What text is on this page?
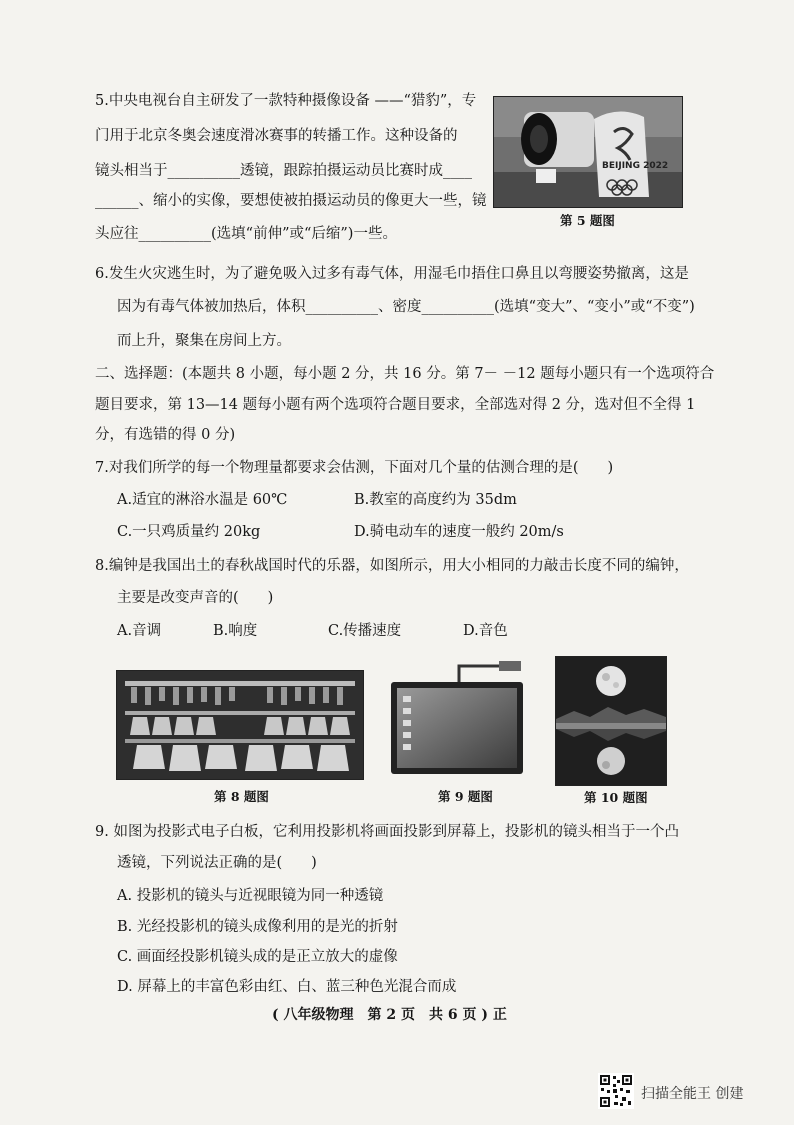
5.中央电视台自主研发了一款特种摄像设备 ——“猎豹”，专
门用于北京冬奥会速度滑冰赛事的转播工作。这种设备的
镜头相当于__________透镜，跟踪拍摄运动员比赛时成____
______、缩小的实像，要想使被拍摄运动员的像更大一些，镜
头应往__________(选填“前伸”或“后缩”)一些。
BEIJING 2022
第 5 题图
6.发生火灾逃生时，为了避免吸入过多有毒气体，用湿毛巾捂住口鼻且以弯腰姿势撤离，这是
因为有毒气体被加热后，体积__________、密度__________(选填“变大”、“变小”或“不变”)
而上升，聚集在房间上方。
二、选择题：(本题共 8 小题，每小题 2 分，共 16 分。第 7－ －12 题每小题只有一个选项符合
题目要求，第 13—14 题每小题有两个选项符合题目要求，全部选对得 2 分，选对但不全得 1
分，有选错的得 0 分)
7.对我们所学的每一个物理量都要求会估测，下面对几个量的估测合理的是(　　)
A.适宜的淋浴水温是 60℃	B.教室的高度约为 35dm
C.一只鸡质量约 20kg	D.骑电动车的速度一般约 20m/s
8.编钟是我国出土的春秋战国时代的乐器，如图所示，用大小相同的力敲击长度不同的编钟，
主要是改变声音的(　　)
A.音调	B.响度	C.传播速度	D.音色
第 8 题图	第 9 题图	第 10 题图
9. 如图为投影式电子白板，它利用投影机将画面投影到屏幕上，投影机的镜头相当于一个凸
透镜，下列说法正确的是(　　)
A. 投影机的镜头与近视眼镜为同一种透镜
B. 光经投影机的镜头成像利用的是光的折射
C. 画面经投影机镜头成的是正立放大的虚像
D. 屏幕上的丰富色彩由红、白、蓝三种色光混合而成
( 八年级物理　第 2 页　共 6 页 ) 正
扫描全能王 创建
